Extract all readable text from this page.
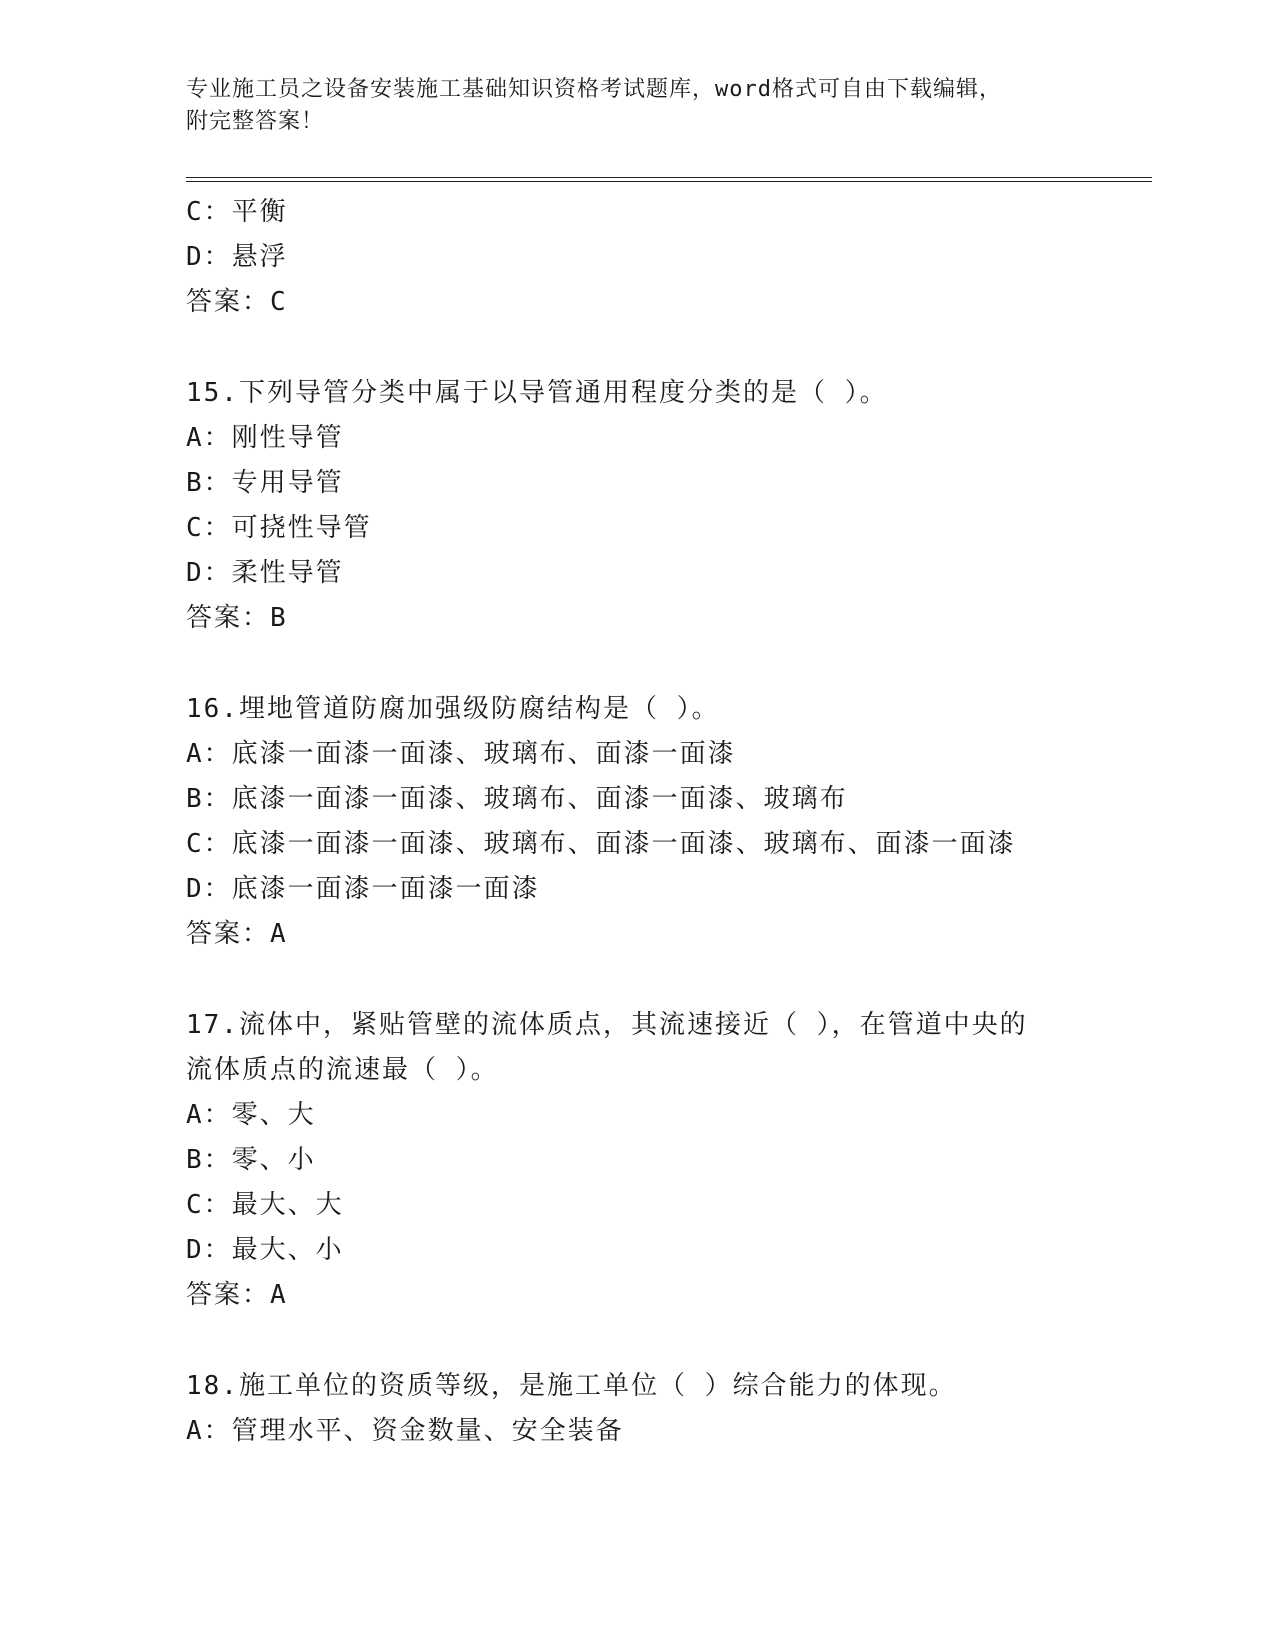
专业施工员之设备安装施工基础知识资格考试题库，word格式可自由下载编辑，
附完整答案！
C：平衡
D：悬浮
答案：C
15.下列导管分类中属于以导管通用程度分类的是（ ）。
A：刚性导管
B：专用导管
C：可挠性导管
D：柔性导管
答案：B
16.埋地管道防腐加强级防腐结构是（ ）。
A：底漆一面漆一面漆、玻璃布、面漆一面漆
B：底漆一面漆一面漆、玻璃布、面漆一面漆、玻璃布
C：底漆一面漆一面漆、玻璃布、面漆一面漆、玻璃布、面漆一面漆
D：底漆一面漆一面漆一面漆
答案：A
17.流体中，紧贴管壁的流体质点，其流速接近（ ），在管道中央的
流体质点的流速最（ ）。
A：零、大
B：零、小
C：最大、大
D：最大、小
答案：A
18.施工单位的资质等级，是施工单位（ ）综合能力的体现。
A：管理水平、资金数量、安全装备
